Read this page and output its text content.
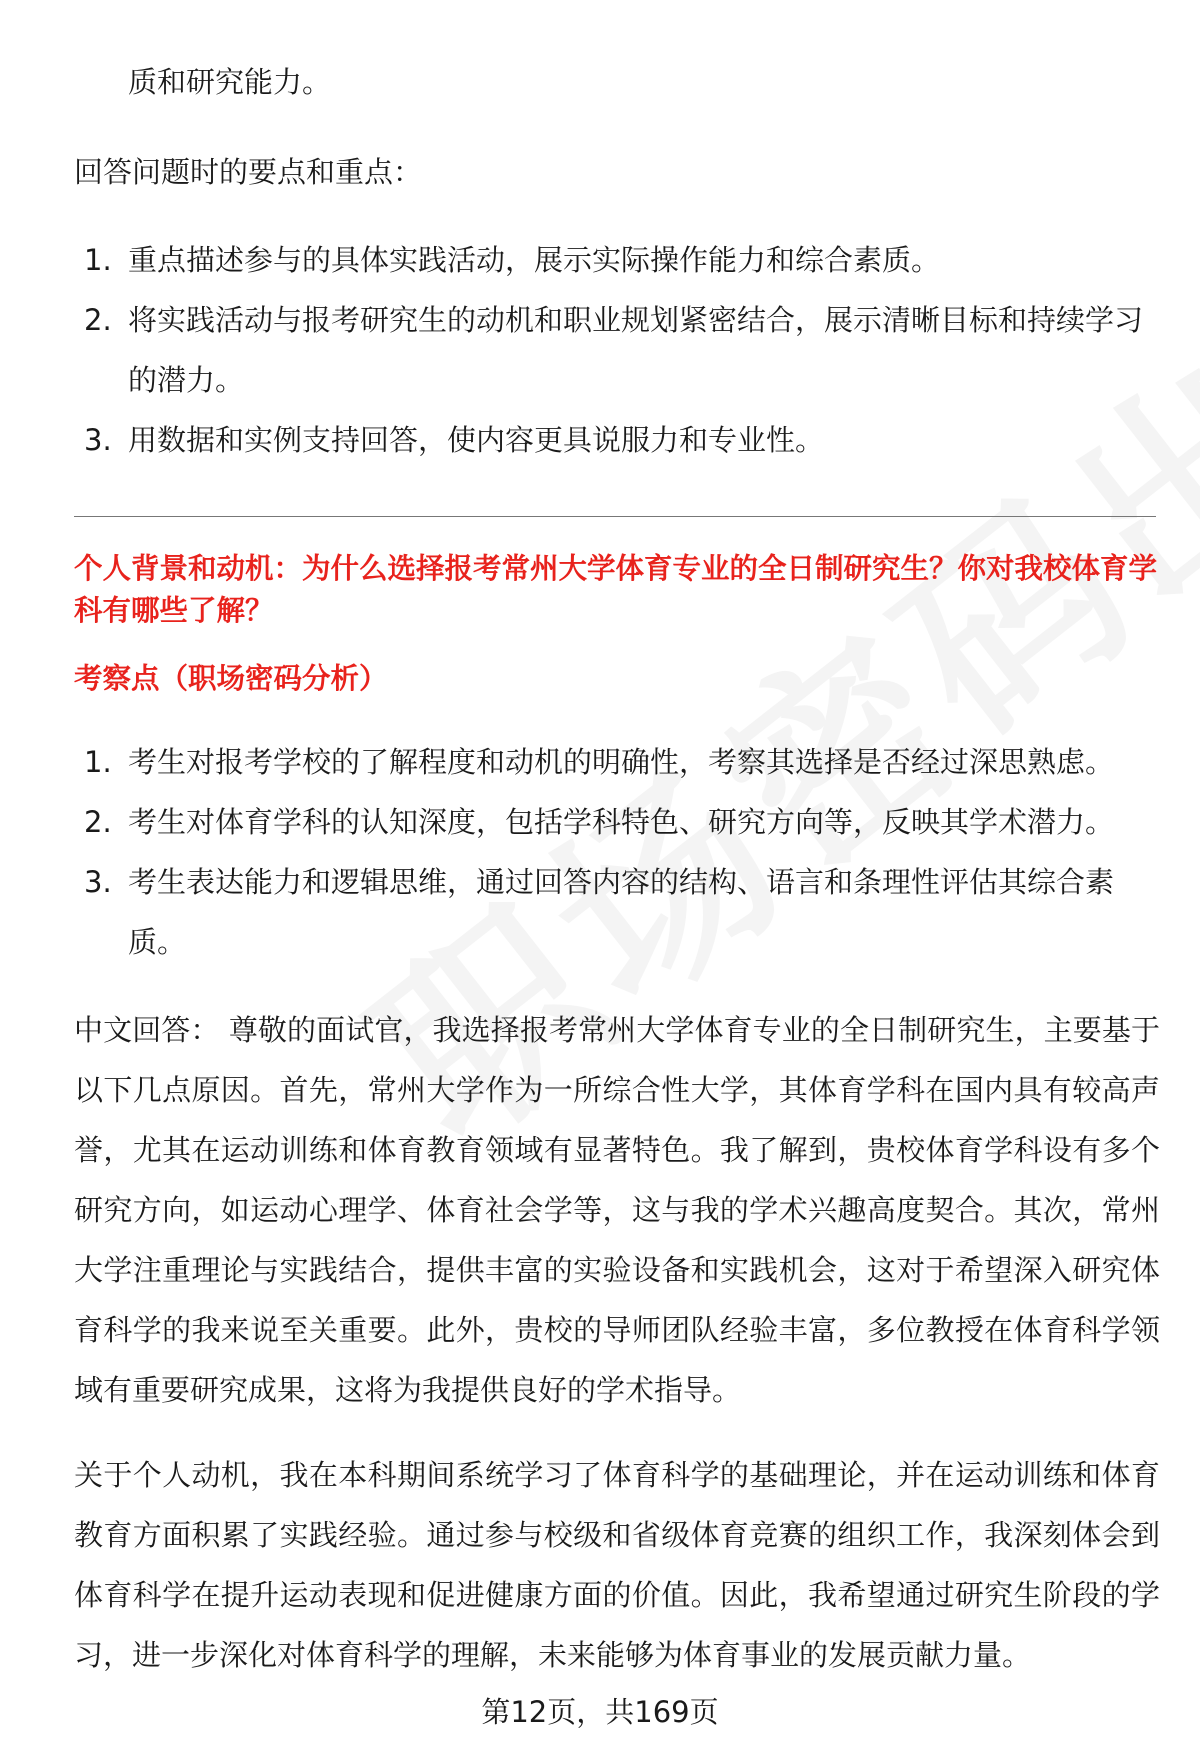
质和研究能力。
回答问题时的要点和重点：
1. 重点描述参与的具体实践活动，展示实际操作能力和综合素质。
2. 将实践活动与报考研究生的动机和职业规划紧密结合，展示清晰目标和持续学习的潜力。
3. 用数据和实例支持回答，使内容更具说服力和专业性。
个人背景和动机：为什么选择报考常州大学体育专业的全日制研究生？你对我校体育学科有哪些了解？
考察点（职场密码分析）
1. 考生对报考学校的了解程度和动机的明确性，考察其选择是否经过深思熟虑。
2. 考生对体育学科的认知深度，包括学科特色、研究方向等，反映其学术潜力。
3. 考生表达能力和逻辑思维，通过回答内容的结构、语言和条理性评估其综合素质。

中文回答： 尊敬的面试官，我选择报考常州大学体育专业的全日制研究生，主要基于以下几点原因。首先，常州大学作为一所综合性大学，其体育学科在国内具有较高声誉，尤其在运动训练和体育教育领域有显著特色。我了解到，贵校体育学科设有多个研究方向，如运动心理学、体育社会学等，这与我的学术兴趣高度契合。其次，常州大学注重理论与实践结合，提供丰富的实验设备和实践机会，这对于希望深入研究体育科学的我来说至关重要。此外，贵校的导师团队经验丰富，多位教授在体育科学领域有重要研究成果，这将为我提供良好的学术指导。

关于个人动机，我在本科期间系统学习了体育科学的基础理论，并在运动训练和体育教育方面积累了实践经验。通过参与校级和省级体育竞赛的组织工作，我深刻体会到体育科学在提升运动表现和促进健康方面的价值。因此，我希望通过研究生阶段的学习，进一步深化对体育科学的理解，未来能够为体育事业的发展贡献力量。

第12页，共169页
